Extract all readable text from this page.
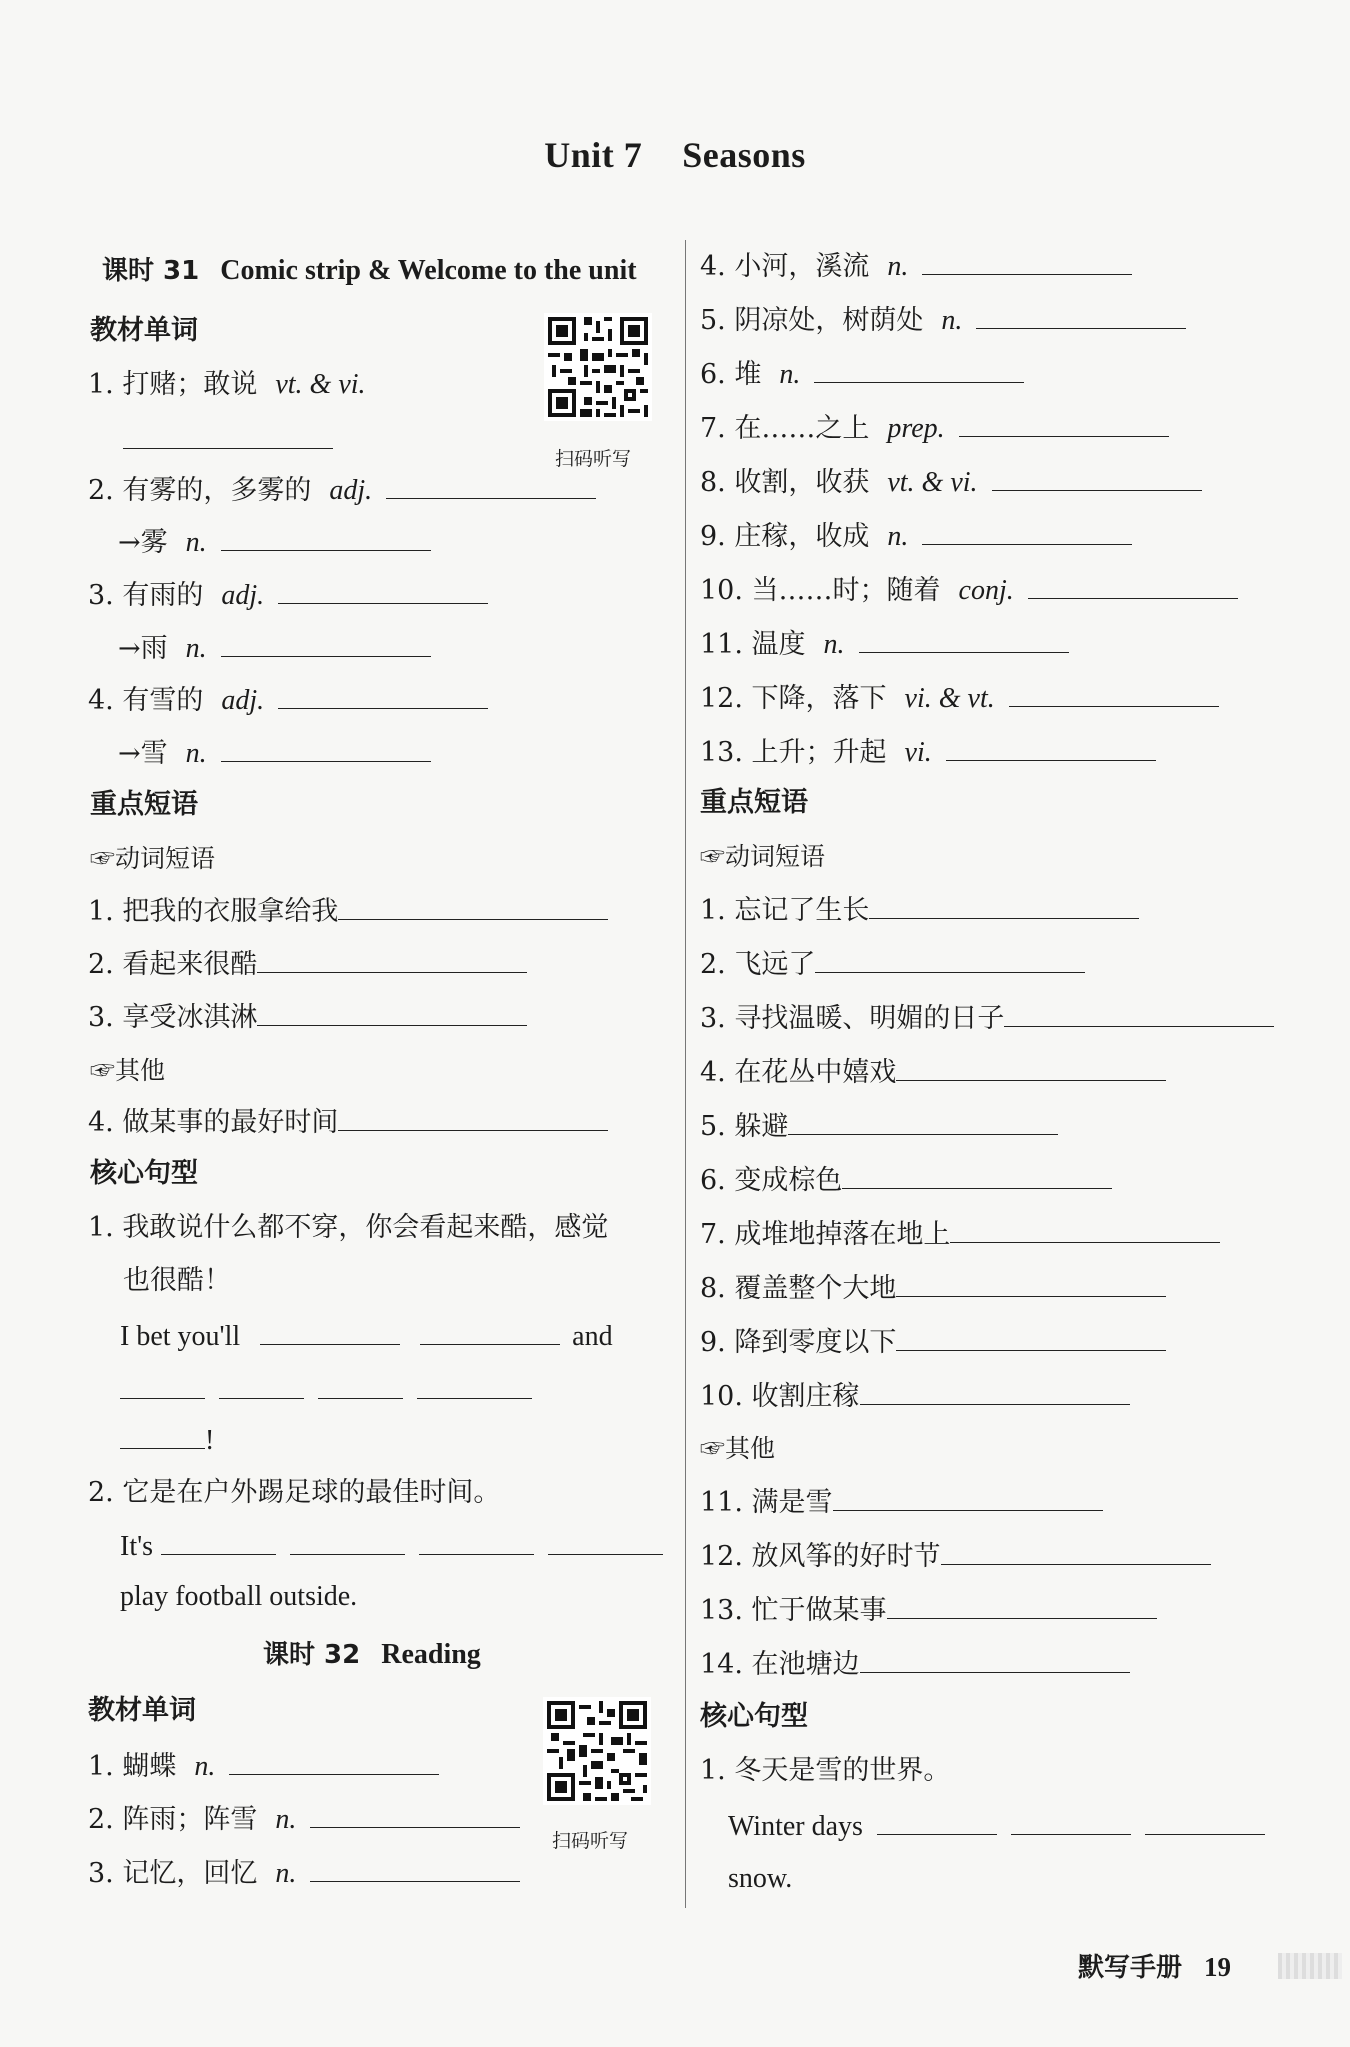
Unit 7 Seasons
课时 31 Comic strip & Welcome to the unit
教材单词
扫码听写
1. 打赌；敢说 vt. & vi.
2. 有雾的，多雾的 adj.
→雾 n.
3. 有雨的 adj.
→雨 n.
4. 有雪的 adj.
→雪 n.
重点短语
☞动词短语
1. 把我的衣服拿给我
2. 看起来很酷
3. 享受冰淇淋
☞其他
4. 做某事的最好时间
核心句型
1. 我敢说什么都不穿，你会看起来酷，感觉
也很酷！
I bet you'll	and
!
2. 它是在户外踢足球的最佳时间。
It's
play football outside.
课时 32 Reading
教材单词
扫码听写
1. 蝴蝶 n.
2. 阵雨；阵雪 n.
3. 记忆，回忆 n.
4. 小河，溪流 n.
5. 阴凉处，树荫处 n.
6. 堆 n.
7. 在……之上 prep.
8. 收割，收获 vt. & vi.
9. 庄稼，收成 n.
10. 当……时；随着 conj.
11. 温度 n.
12. 下降，落下 vi. & vt.
13. 上升；升起 vi.
重点短语
☞动词短语
1. 忘记了生长
2. 飞远了
3. 寻找温暖、明媚的日子
4. 在花丛中嬉戏
5. 躲避
6. 变成棕色
7. 成堆地掉落在地上
8. 覆盖整个大地
9. 降到零度以下
10. 收割庄稼
☞其他
11. 满是雪
12. 放风筝的好时节
13. 忙于做某事
14. 在池塘边
核心句型
1. 冬天是雪的世界。
Winter days
snow.
默写手册 19
